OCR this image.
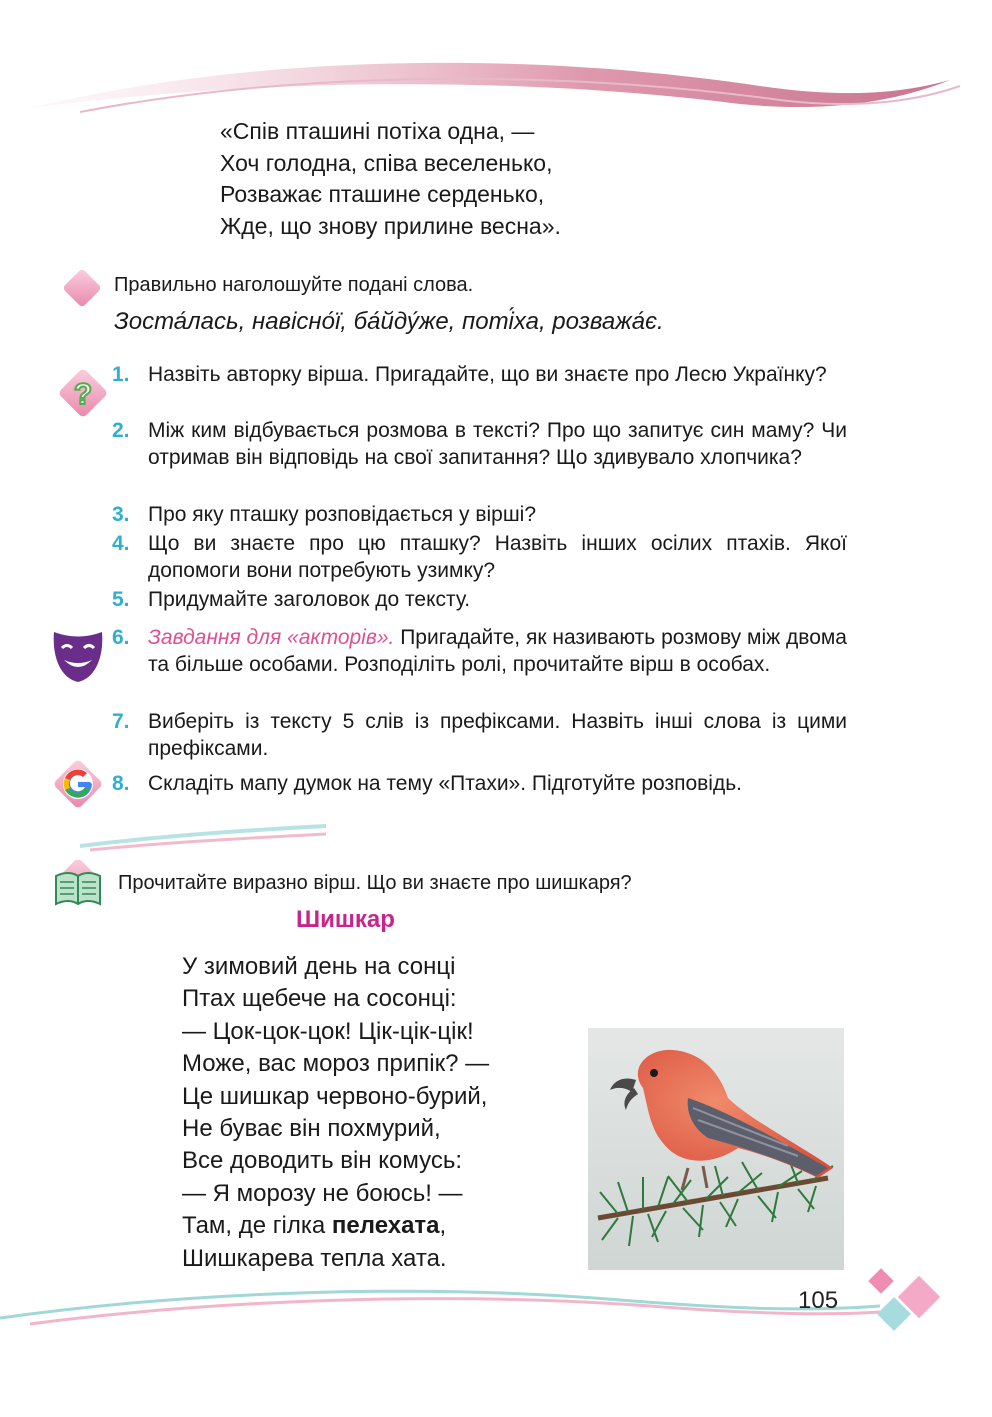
«Спів пташині потіха одна, —
Хоч голодна, співа веселенько,
Розважає пташине серденько,
Жде, що знову прилине весна».
Правильно наголошуйте подані слова.
Зоста́лась, навісно́ї, ба́йду́же, поті́ха, розважа́є.
?
1. Назвіть авторку вірша. Пригадайте, що ви знаєте про Лесю Українку?
2. Між ким відбувається розмова в тексті? Про що запитує син маму? Чи отримав він відповідь на свої запитання? Що здивувало хлопчика?
3. Про яку пташку розповідається у вірші?
4. Що ви знаєте про цю пташку? Назвіть інших осілих птахів. Якої допомоги вони потребують узимку?
5. Придумайте заголовок до тексту.
6. Завдання для «акторів». Пригадайте, як називають розмову між двома та більше особами. Розподіліть ролі, прочитайте вірш в особах.
7. Виберіть із тексту 5 слів із префіксами. Назвіть інші слова із цими префіксами.
8. Складіть мапу думок на тему «Птахи». Підготуйте розповідь.
Прочитайте виразно вірш. Що ви знаєте про шишкаря?
Шишкар
У зимовий день на сонці
Птах щебече на сосонці:
— Цок-цок-цок! Цік-цік-цік!
Може, вас мороз припік? —
Це шишкар червоно-бурий,
Не буває він похмурий,
Все доводить він комусь:
— Я морозу не боюсь! —
Там, де гілка пелехата,
Шишкарева тепла хата.
105
